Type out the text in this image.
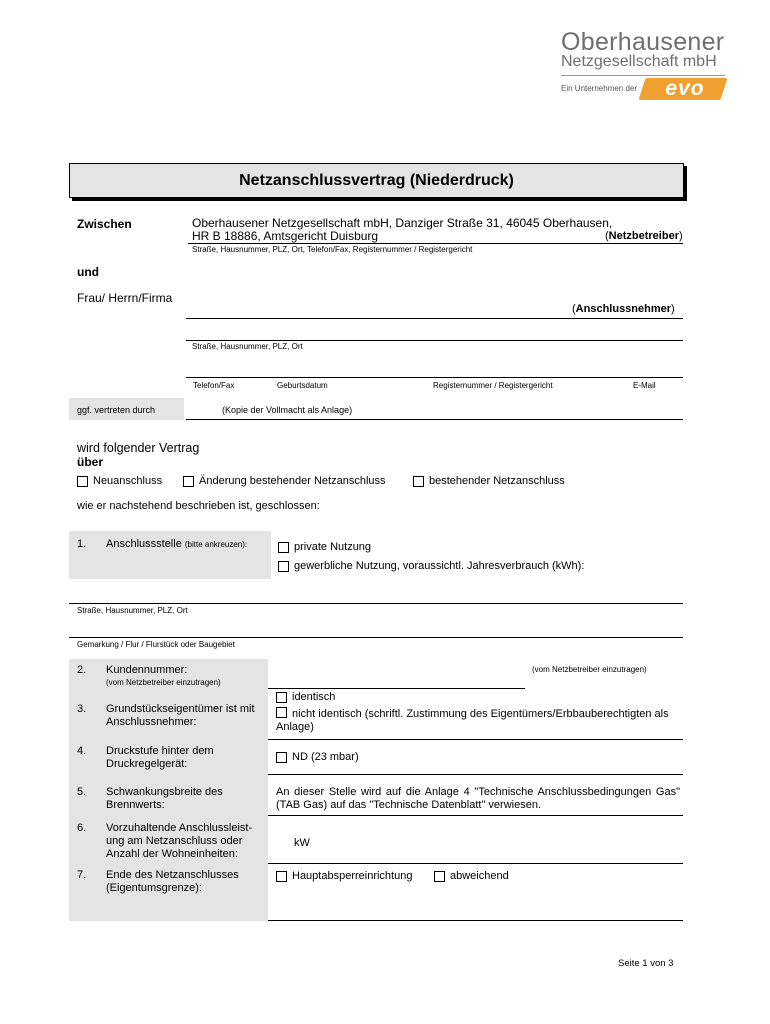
Oberhausener
Netzgesellschaft mbH
Ein Unternehmen der	evo
Netzanschlussvertrag (Niederdruck)
Zwischen	Oberhausener Netzgesellschaft mbH, Danziger Straße 31, 46045 Oberhausen,
HR B 18886, Amtsgericht Duisburg	(Netzbetreiber)
Straße, Hausnummer, PLZ, Ort, Telefon/Fax, Registernummer / Registergericht
und
Frau/ Herrn/Firma
(Anschlussnehmer)
Straße, Hausnummer, PLZ, Ort
Telefon/Fax	Geburtsdatum	Registernummer / Registergericht	E-Mail
ggf. vertreten durch	(Kopie der Vollmacht als Anlage)
wird folgender Vertrag
über
Neuanschluss	Änderung bestehender Netzanschluss	bestehender Netzanschluss
wie er nachstehend beschrieben ist, geschlossen:
1. Anschlussstelle (bitte ankreuzen):	private Nutzung
gewerbliche Nutzung, voraussichtl. Jahresverbrauch (kWh):
Straße, Hausnummer, PLZ, Ort
Gemarkung / Flur / Flurstück oder Baugebiet
2. Kundennummer:
(vom Netzbetreiber einzutragen)
(vom Netzbetreiber einzutragen)
3. Grundstückseigentümer ist mit Anschlussnehmer:
identisch
nicht identisch (schriftl. Zustimmung des Eigentümers/Erbbauberechtigten als Anlage)
4. Druckstufe hinter dem Druckregelgerät:
ND (23 mbar)
5. Schwankungsbreite des Brennwerts:
An dieser Stelle wird auf die Anlage 4 "Technische Anschlussbedingungen Gas" (TAB Gas) auf das "Technische Datenblatt" verwiesen.
6. Vorzuhaltende Anschlussleist-ung am Netzanschluss oder Anzahl der Wohneinheiten:
kW
7. Ende des Netzanschlusses (Eigentumsgrenze):
Hauptabsperreinrichtung	abweichend
Seite 1 von 3
